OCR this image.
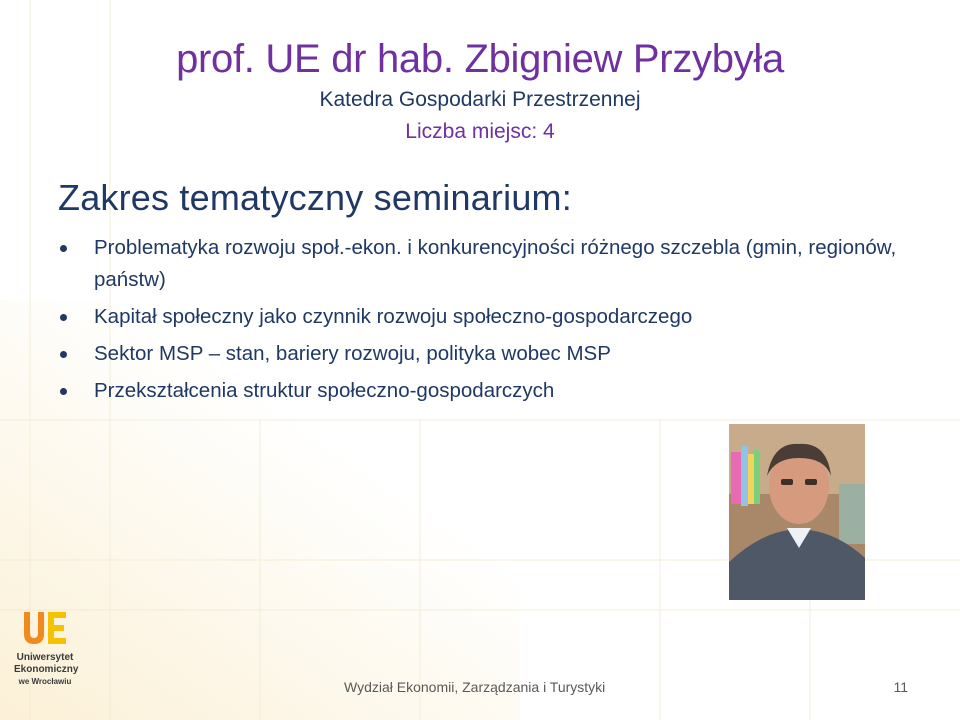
prof. UE dr hab. Zbigniew Przybyła
Katedra Gospodarki Przestrzennej
Liczba miejsc: 4
Zakres tematyczny seminarium:
Problematyka rozwoju społ.-ekon. i konkurencyjności różnego szczebla (gmin, regionów, państw)
Kapitał społeczny jako czynnik rozwoju społeczno-gospodarczego
Sektor MSP – stan, bariery rozwoju, polityka wobec MSP
Przekształcenia struktur społeczno-gospodarczych
Uniwersytet
Ekonomiczny
we Wrocławiu	Wydział Ekonomii, Zarządzania i Turystyki	11
